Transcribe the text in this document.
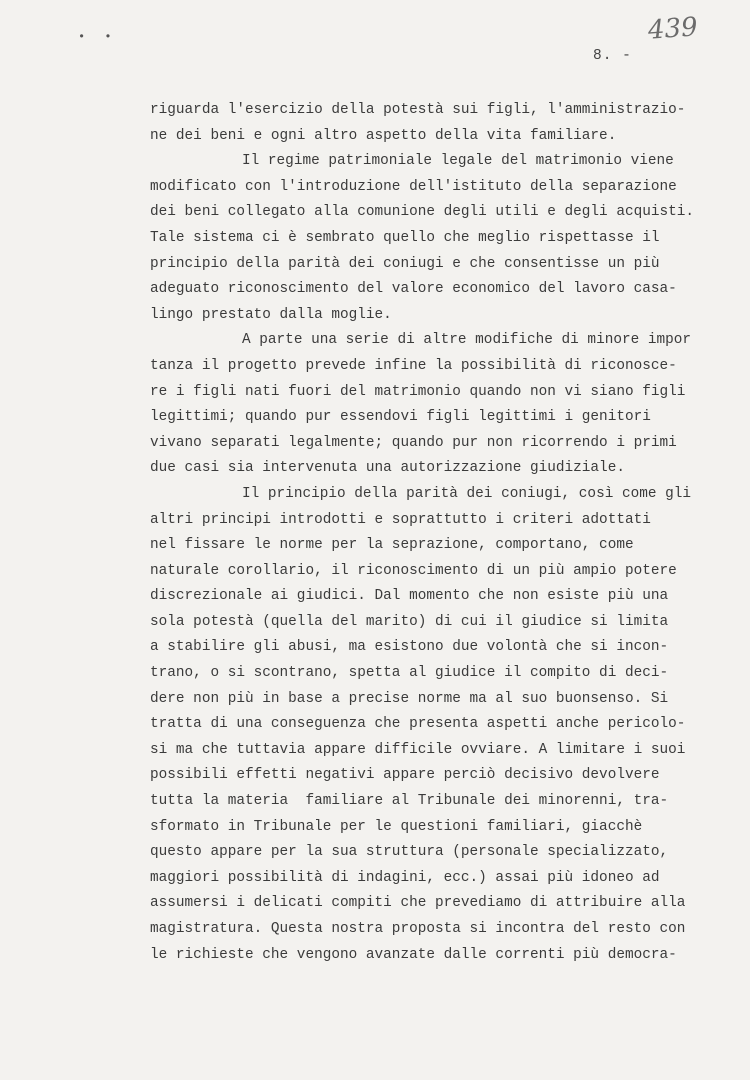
• •	439
8. -
riguarda l'esercizio della potestà sui figli, l'amministrazio-
ne dei beni e ogni altro aspetto della vita familiare.
Il regime patrimoniale legale del matrimonio viene
modificato con l'introduzione dell'istituto della separazione
dei beni collegato alla comunione degli utili e degli acquisti.
Tale sistema ci è sembrato quello che meglio rispettasse il
principio della parità dei coniugi e che consentisse un più
adeguato riconoscimento del valore economico del lavoro casa-
lingo prestato dalla moglie.
A parte una serie di altre modifiche di minore impor
tanza il progetto prevede infine la possibilità di riconosce-
re i figli nati fuori del matrimonio quando non vi siano figli
legittimi; quando pur essendovi figli legittimi i genitori
vivano separati legalmente; quando pur non ricorrendo i primi
due casi sia intervenuta una autorizzazione giudiziale.
Il principio della parità dei coniugi, così come gli
altri principi introdotti e soprattutto i criteri adottati
nel fissare le norme per la seprazione, comportano, come
naturale corollario, il riconoscimento di un più ampio potere
discrezionale ai giudici. Dal momento che non esiste più una
sola potestà (quella del marito) di cui il giudice si limita
a stabilire gli abusi, ma esistono due volontà che si incon-
trano, o si scontrano, spetta al giudice il compito di deci-
dere non più in base a precise norme ma al suo buonsenso. Si
tratta di una conseguenza che presenta aspetti anche pericolo-
si ma che tuttavia appare difficile ovviare. A limitare i suoi
possibili effetti negativi appare perciò decisivo devolvere
tutta la materia  familiare al Tribunale dei minorenni, tra-
sformato in Tribunale per le questioni familiari, giacchè
questo appare per la sua struttura (personale specializzato,
maggiori possibilità di indagini, ecc.) assai più idoneo ad
assumersi i delicati compiti che prevediamo di attribuire alla
magistratura. Questa nostra proposta si incontra del resto con
le richieste che vengono avanzate dalle correnti più democra-
